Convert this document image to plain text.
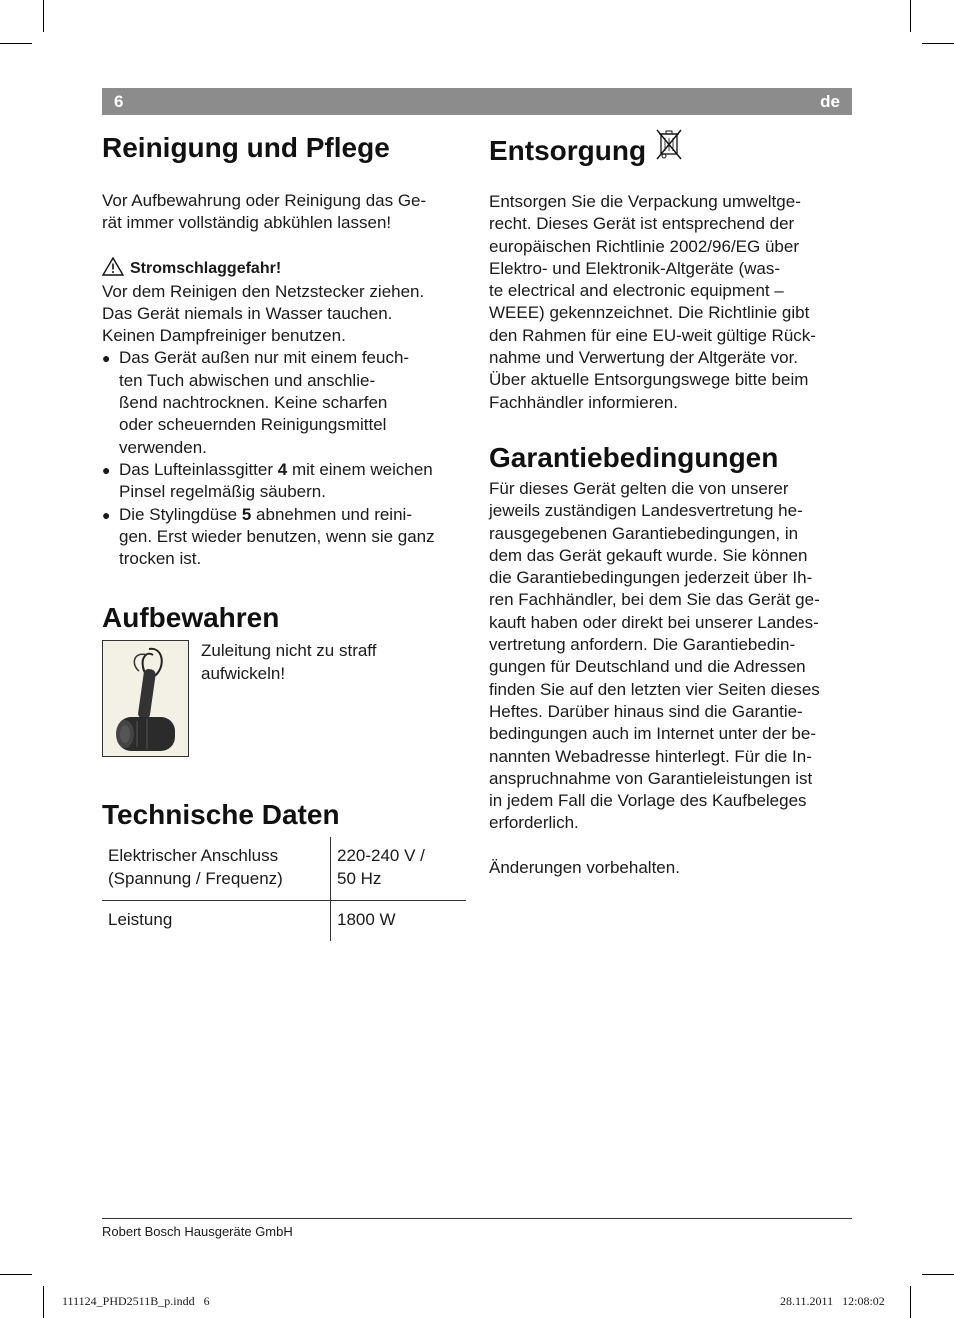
6	de
Reinigung und Pflege

Vor Aufbewahrung oder Reinigung das Ge-
rät immer vollständig abkühlen lassen!

Stromschlaggefahr!

Vor dem Reinigen den Netzstecker ziehen.
Das Gerät niemals in Wasser tauchen.
Keinen Dampfreiniger benutzen.

● Das Gerät außen nur mit einem feuch-
ten Tuch abwischen und anschlie-
ßend nachtrocknen. Keine scharfen
oder scheuernden Reinigungsmittel
verwenden.
● Das Lufteinlassgitter 4 mit einem weichen
Pinsel regelmäßig säubern.
● Die Stylingdüse 5 abnehmen und reini-
gen. Erst wieder benutzen, wenn sie ganz
trocken ist.
Aufbewahren

Zuleitung nicht zu straff
aufwickeln!

Technische Daten
Elektrischer Anschluss
(Spannung / Frequenz)	220-240 V /
50 Hz
Leistung	1800 W
Entsorgung

Entsorgen Sie die Verpackung umweltge-
recht. Dieses Gerät ist entsprechend der
europäischen Richtlinie 2002/96/EG über
Elektro- und Elektronik-Altgeräte (was-
te electrical and electronic equipment –
WEEE) gekennzeichnet. Die Richtlinie gibt
den Rahmen für eine EU-weit gültige Rück-
nahme und Verwertung der Altgeräte vor.
Über aktuelle Entsorgungswege bitte beim
Fachhändler informieren.

Garantiebedingungen

Für dieses Gerät gelten die von unserer
jeweils zuständigen Landesvertretung he-
rausgegebenen Garantiebedingungen, in
dem das Gerät gekauft wurde. Sie können
die Garantiebedingungen jederzeit über Ih-
ren Fachhändler, bei dem Sie das Gerät ge-
kauft haben oder direkt bei unserer Landes-
vertretung anfordern. Die Garantiebedin-
gungen für Deutschland und die Adressen
finden Sie auf den letzten vier Seiten dieses
Heftes. Darüber hinaus sind die Garantie-
bedingungen auch im Internet unter der be-
nannten Webadresse hinterlegt. Für die In-
anspruchnahme von Garantieleistungen ist
in jedem Fall die Vorlage des Kaufbeleges
erforderlich.

Änderungen vorbehalten.

Robert Bosch Hausgeräte GmbH
111124_PHD2511B_p.indd   6	28.11.2011   12:08:02
